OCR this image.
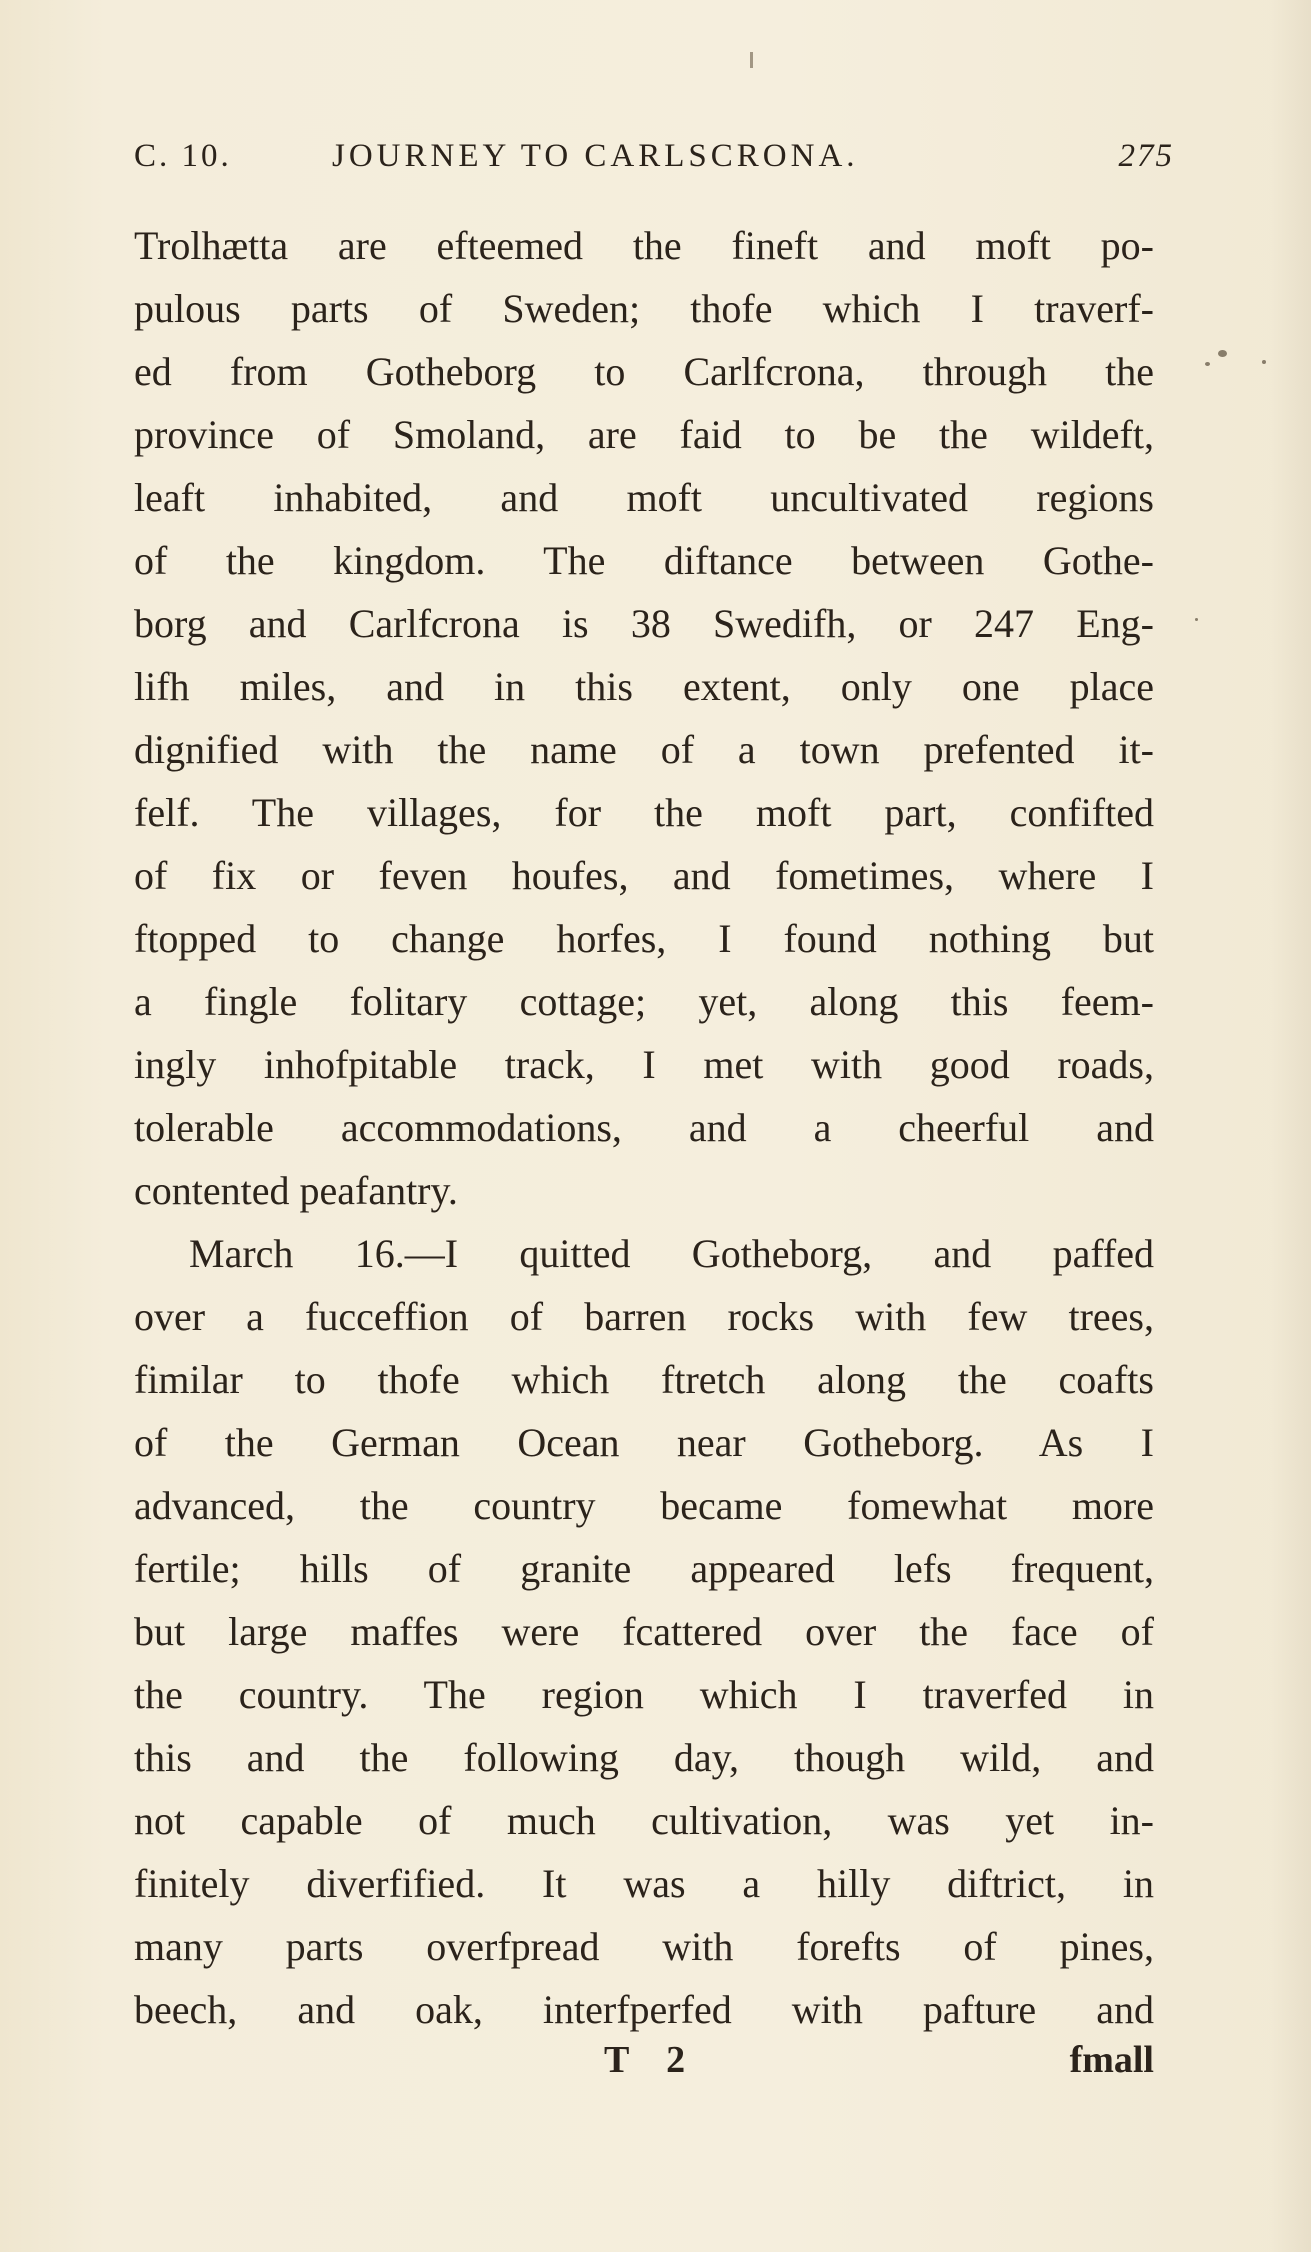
C. 10.	JOURNEY TO CARLSCRONA.	275
Trolhætta are efteemed the fineft and moft po-
pulous parts of Sweden; thofe which I traverf-
ed from Gotheborg to Carlfcrona, through the
province of Smoland, are faid to be the wildeft,
leaft inhabited, and moft uncultivated regions
of the kingdom. The diftance between Gothe-
borg and Carlfcrona is 38 Swedifh, or 247 Eng-
lifh miles, and in this extent, only one place
dignified with the name of a town prefented it-
felf. The villages, for the moft part, confifted
of fix or feven houfes, and fometimes, where I
ftopped to change horfes, I found nothing but
a fingle folitary cottage; yet, along this feem-
ingly inhofpitable track, I met with good roads,
tolerable accommodations, and a cheerful and
contented peafantry.
March 16.—I quitted Gotheborg, and paffed
over a fucceffion of barren rocks with few trees,
fimilar to thofe which ftretch along the coafts
of the German Ocean near Gotheborg. As I
advanced, the country became fomewhat more
fertile; hills of granite appeared lefs frequent,
but large maffes were fcattered over the face of
the country. The region which I traverfed in
this and the following day, though wild, and
not capable of much cultivation, was yet in-
finitely diverfified. It was a hilly diftrict, in
many parts overfpread with forefts of pines,
beech, and oak, interfperfed with pafture and
T 2	fmall
